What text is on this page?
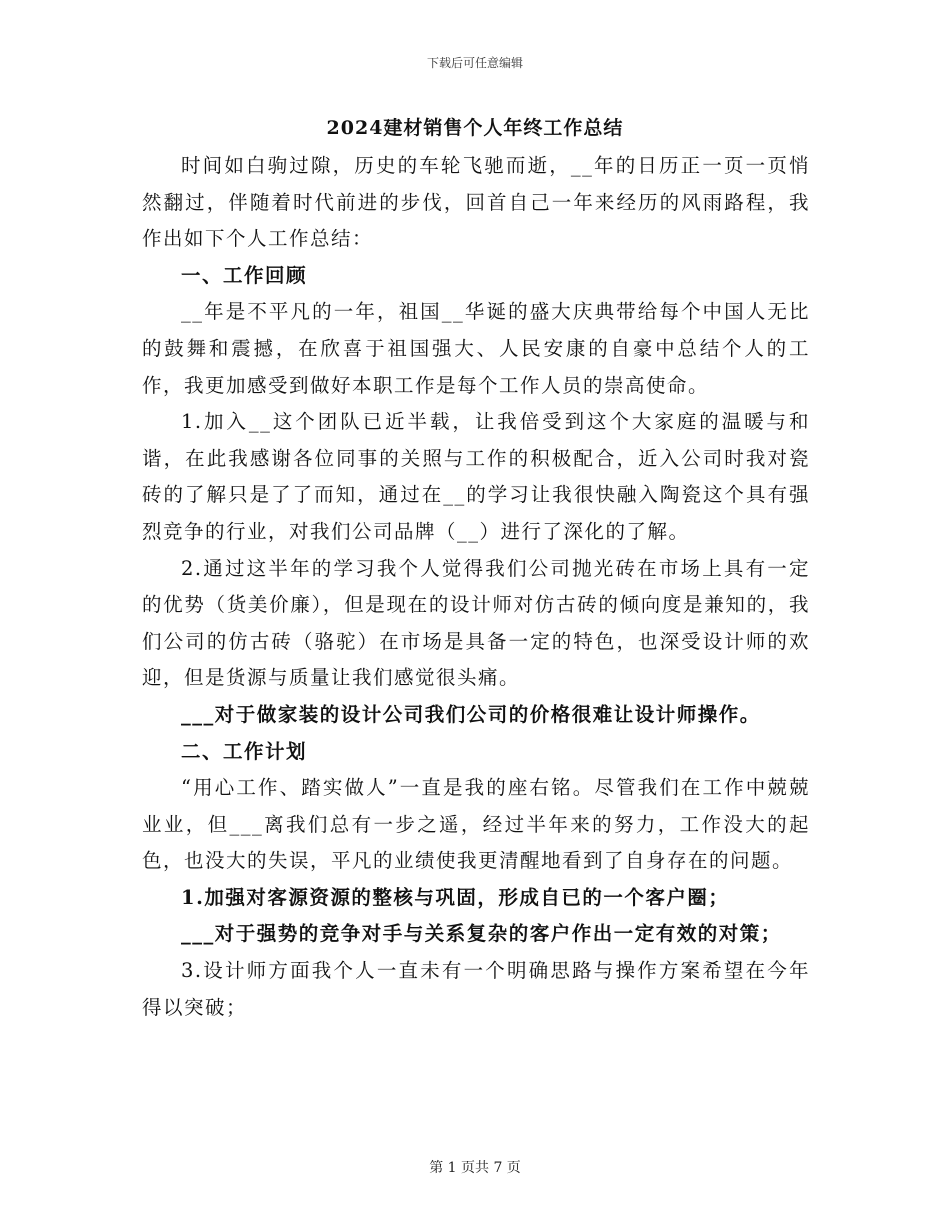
下载后可任意编辑
2024建材销售个人年终工作总结

时间如白驹过隙，历史的车轮飞驰而逝，__年的日历正一页一页悄然翻过，伴随着时代前进的步伐，回首自己一年来经历的风雨路程，我作出如下个人工作总结：

一、工作回顾

__年是不平凡的一年，祖国__华诞的盛大庆典带给每个中国人无比的鼓舞和震撼，在欣喜于祖国强大、人民安康的自豪中总结个人的工作，我更加感受到做好本职工作是每个工作人员的崇高使命。

1.加入__这个团队已近半载，让我倍受到这个大家庭的温暖与和谐，在此我感谢各位同事的关照与工作的积极配合，近入公司时我对瓷砖的了解只是了了而知，通过在__的学习让我很快融入陶瓷这个具有强烈竞争的行业，对我们公司品牌（__）进行了深化的了解。

2.通过这半年的学习我个人觉得我们公司抛光砖在市场上具有一定的优势（货美价廉），但是现在的设计师对仿古砖的倾向度是兼知的，我们公司的仿古砖（骆驼）在市场是具备一定的特色，也深受设计师的欢迎，但是货源与质量让我们感觉很头痛。

___对于做家装的设计公司我们公司的价格很难让设计师操作。

二、工作计划

“用心工作、踏实做人”一直是我的座右铭。尽管我们在工作中兢兢业业，但___离我们总有一步之遥，经过半年来的努力，工作没大的起色，也没大的失误，平凡的业绩使我更清醒地看到了自身存在的问题。

1.加强对客源资源的整核与巩固，形成自已的一个客户圈；

___对于强势的竞争对手与关系复杂的客户作出一定有效的对策；

3.设计师方面我个人一直未有一个明确思路与操作方案希望在今年得以突破；

第 1 页共 7 页
